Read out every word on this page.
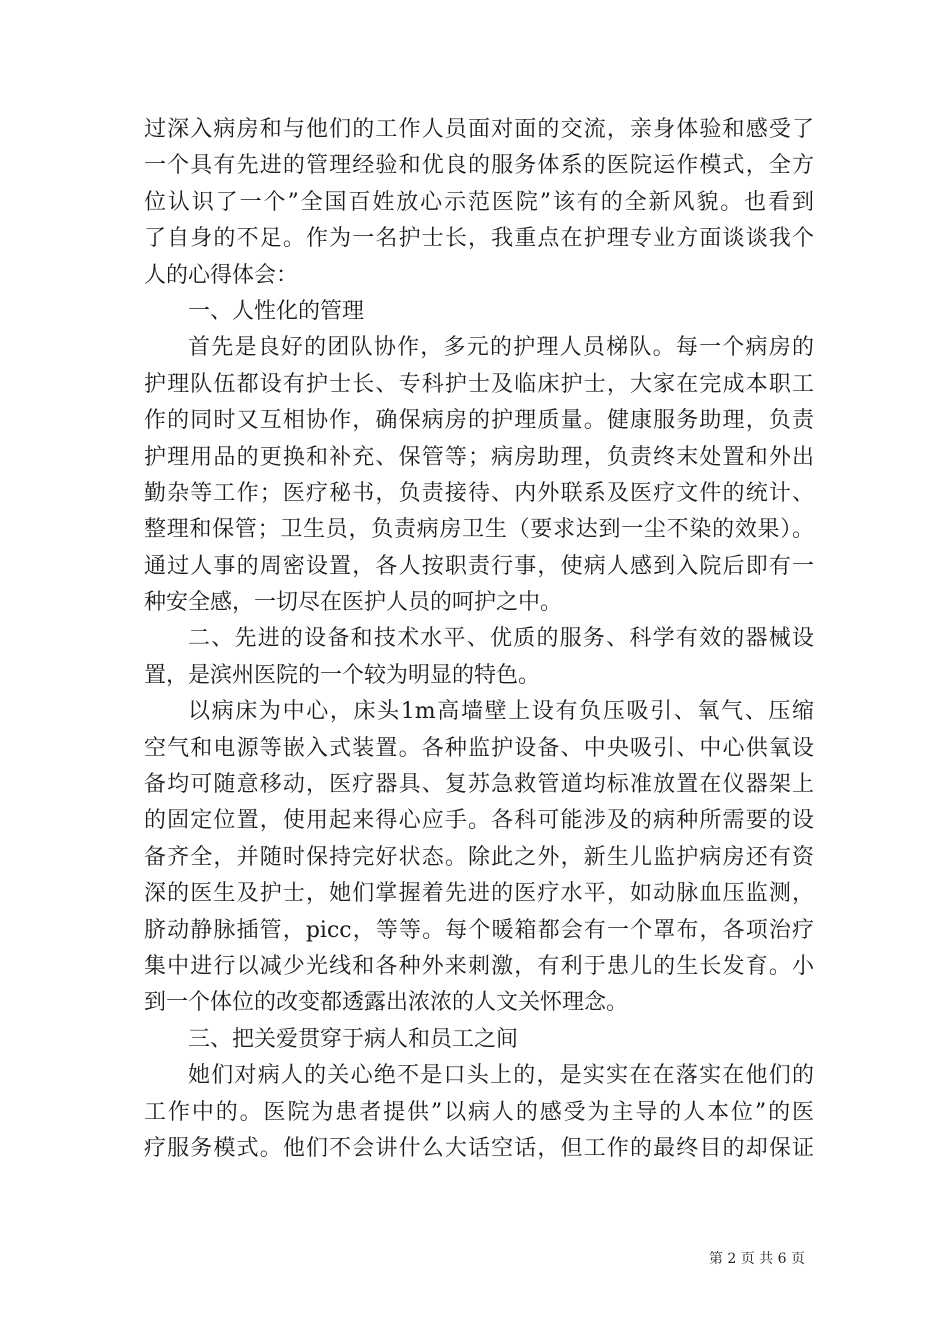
过深入病房和与他们的工作人员面对面的交流，亲身体验和感受了
一个具有先进的管理经验和优良的服务体系的医院运作模式，全方
位认识了一个”全国百姓放心示范医院”该有的全新风貌。也看到
了自身的不足。作为一名护士长，我重点在护理专业方面谈谈我个
人的心得体会：
一、人性化的管理
首先是良好的团队协作，多元的护理人员梯队。每一个病房的
护理队伍都设有护士长、专科护士及临床护士，大家在完成本职工
作的同时又互相协作，确保病房的护理质量。健康服务助理，负责
护理用品的更换和补充、保管等；病房助理，负责终末处置和外出
勤杂等工作；医疗秘书，负责接待、内外联系及医疗文件的统计、
整理和保管；卫生员，负责病房卫生（要求达到一尘不染的效果）。
通过人事的周密设置，各人按职责行事，使病人感到入院后即有一
种安全感，一切尽在医护人员的呵护之中。
二、先进的设备和技术水平、优质的服务、科学有效的器械设
置，是滨州医院的一个较为明显的特色。
以病床为中心，床头1m高墙壁上设有负压吸引、氧气、压缩
空气和电源等嵌入式装置。各种监护设备、中央吸引、中心供氧设
备均可随意移动，医疗器具、复苏急救管道均标准放置在仪器架上
的固定位置，使用起来得心应手。各科可能涉及的病种所需要的设
备齐全，并随时保持完好状态。除此之外，新生儿监护病房还有资
深的医生及护士，她们掌握着先进的医疗水平，如动脉血压监测，
脐动静脉插管，picc，等等。每个暖箱都会有一个罩布，各项治疗
集中进行以减少光线和各种外来刺激，有利于患儿的生长发育。小
到一个体位的改变都透露出浓浓的人文关怀理念。
三、把关爱贯穿于病人和员工之间
她们对病人的关心绝不是口头上的，是实实在在落实在他们的
工作中的。医院为患者提供”以病人的感受为主导的人本位”的医
疗服务模式。他们不会讲什么大话空话，但工作的最终目的却保证
第 2 页 共 6 页
